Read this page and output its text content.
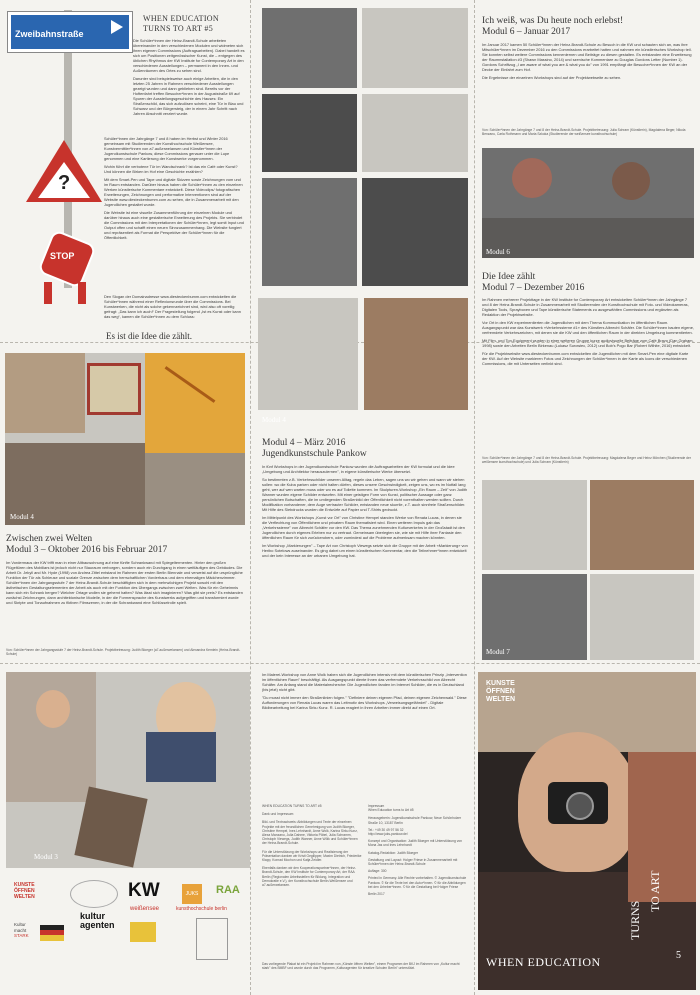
Zweibahnstraße
?
STOP
WHEN EDUCATION
TURNS TO ART #5

Die Schüler*innen der Heinz-Brandt-Schule arbeiteten übereinander in den verschiedenen Modulen und widmeten sich ihren eigenen Commissions (Auftragsarbeiten). Dabei handelt es sich um Positionen zeitgenössischer Kunst, die – entgegen des üblichen Rhythmus der KW Institute for Contemporary Art in den verschiedenen Ausstellungen – permanent in den Innen- und Außenräumen des Ortes zu sehen sind.

Darunter sind beispielsweise auch einige Arbeiten, die in den letzten 25 Jahren in Rahmen verschiedener Ausstellungen gezeigt wurden und dann geblieben sind. Bereits vor der Hoftenfahrt treffen Besucher*innen in der Auguststraße 69 auf Spuren der Ausstellungsgeschichte des Hauses: Ein Straßenschild, das sich aufzulösen scheint, eine Tür in Blau und Schwarz und der Bürgersteig, der in einem Jahr Schritt nach Jahren Abschnitt verziert wurde.

Schüler*innen der Jahrgänge 7 und 8 haben im Herbst und Winter 2016 gemeinsam mit Studierenden der Kunsthochschule Weißensee, Kunstvermittler*innen von a7.außerwelansen und Künstler*innen der Jugendkunstschule Pankow, diese Commissions genauer unter die Lupe genommen und eine Kartierung der Kunstwerke vorgenommen.

Wohin führt die verbotene Tür im Wandschrank? Ist das ein Café oder Kunst? Und können die Birken im Hof eine Geschichte erzählen?

Mit dem Smart-Pen und Tape und digitale Skizzen sowie Zeichnungen vom und im Raum entstanden. Darüber hinaus haben die Schüler*innen zu den einzelnen Werken künstlerische Kommentare entwickelt. Diese Videoclips/ fotografischen Erweiterungen, Zeichnungen und performative Interventionen sind auf der Website www.diesteckenbumm.com zu sehen, die in Zusammenarbeit mit den Jugendlichen gestaltet wurde.

Die Website ist eine visuelle Zusammenführung der einzelnen Module und darüber hinaus auch eine gestalterische Erweiterung des Projekts. Sie verbindet die Commissions mit den Interpretationen der Schüler*innen, legt somit Input und Output offen und schafft einen neuen Sinnzusammenhang. Die Website fungiert und repräsentiert als Format die Perspektive der Schüler*innen für die Öffentlichkeit.

Den Slogan der Domainadresse www.diesteckenbumm.com entwickelten die Schüler*innen während einer Reflexionsrunde über die Commissions. Bei Kunstwerken, die nicht als solche gekennzeichnet sind, wird also oft voreilig gefragt: „Das kann ich auch!“ Der Fragestellung folgend „Ist es Kunst oder kann das weg“, kamen die Schüler*innen zu dem Schluss:

Es ist die Idee die zählt.
Modul 4
Zwischen zwei Welten
Modul 3 – Oktober 2016 bis Februar 2017

Im Vordermaus der KW trifft man in einer Altbauwohnung auf eine fünfte Schrankwand mit Spiegeltermenten. Hinter den großen Flügeltüren des Mobiliars ist jedoch nicht nur Stauraum verborgen, sondern auch ein Durchgang in einen weitläufigen des Gebäudes. Die Arbeit Dr. Jekyll and Mr. Hyde (1998) von Andrea Zittel entstand im Rahmen der ersten Berlin Biennale und verweist auf die ursprüngliche Funktion der Tür als Schleuse und soziale Grenze zwischen dem herrschaftlichen Vorderhaus und dem ehemaligen Mädchenzimmer. Schüler*innen der Jahrgangsstufe 7 der Heinz-Brandt-Schule beschäftigten sich in dem mehrwöchigen Projekt sowohl mit den ästhetischen Gestaltungselementen der Arbeit als auch mit der Funktion des Übergangs zwischen zwei Welten. Was für ein Geheimnis kann sich ein Schrank bergen? Welcher Ortage wollen sie gehemt hatten? Was lässt sich imaginieren? Was gibt sie preis? Es entstanden zunächst Zeichnungen, dann architektonische Modelle, in der die Formensprache des Kunstwerks aufgegriffen und transformiert wurde und Skripte und Tonaufnahmen zu fiktiven Filmszenen, in der die Schrankwand eine Schlüsselrolle spielt.

Von: Schüler*innen der Jahrgangsstufe 7 der Heinz-Brandt-Schule. Projektbetreuung: Judith Bloeger (a7.außerwelansen) und Alexandra Kemlein (Heinz-Brandt-Schule)
Modul 3
KUNSTE
ÖFFNEN
WELTEN	KW	JUKS	RAA
Kultur
macht
STARK
kultur
agenten
weißensee	kunsthochschule berlin
Modul 4
Modul 4 – März 2016
Jugendkunstschule Pankow

In fünf Workshops in der Jugendkunstschule Pankow wurden die Auftragsarbeiten der KW formulat und die Idee „Umgebung und Architektur herauszulernen", in eigene künstlerische Werke übersetzt.

So bestimmten z.B. Verkehrsschilder unseren Alltag, regeln das Leben, sagen uns wo wir gehen und wann wir stehen sollen: wo die Kuba parken oder nicht halten dürfen, dieses unsere Geschwindigkeit, zeigen uns, wo es im Notfall lang geht, wer auf wen warten muss oder wo es auf Toilette kommen. Im Skulpturen-Workshop „Ein Raum – Zeit" von Judith Wanner wurden eigene Schilder entworfen. Mit einer geistigen Form von Kunst, politischer Aussage oder ganz persönlichen Botschaften, die im umliegenden Straßenbild der Öffentlichkeit nicht vorenthalten werden sollten. Durch Modifikation vorhandener, dem Auge vertrauter Schilder, entstanden neue skurrile, z.T. auch sinnfreie Straßenschilder. Mit Hilfe des Siebdrucks wurden die Entwürfe auf Papier und T-Shirts gedruckt.

Im Mittelpunkt des Workshops „Kunst vor Ort" von Christine Hempel standen Werke von Renata Lucas, in denen sie die Verflechtung von Öffentlichem und privatem Raum thematisiert wird. Einen weiteren Impuls gab das „Verkehrssterne" von Albrecht Schäfer vor den KW. Das Thema zunehmenden Kulturverkehrs in der Großstadt ist den Jugendlichen durch eigenes Erleben nur zu vertraut. Gemeinsam überlegten sie, wie sie mit Hilfe ihrer Fantasie den öffentlichen Raum für sich zurückerobern, oder zumindest auf die Probleme aufmerksam machen könnten.

Im Workshop „Markierungen" – Tape Art von Christoph Viewegs setzte sich die Gruppe mit der Arbeit «Markierung» von Heribo Sotelows auseinander. Es ging dabei um einen künstlerischen Kommentar, den die Teilnehmer*innen entwickelt und der kein Interesse an der urbanen Umgebung hat.

Im Malerei-Workshop von Anne Wolk haben sich die Jugendlichen intensiv mit dem künstlerischen Prinzip „Intervention im öffentlichen Raum" beschäftigt. Als Ausgangspunkt diente ihnen das verfremdete Verkehrsschild von Albrecht Schäfer. Am Anfang stand die Materialrecherche: Die Jugendlichen fanden im Internet Schilder, die es in Deutschland (bis jetzt) nicht gibt.

"Du musst nicht immer den Straßenlinien folgen." "Definiere deinen eigenen Pfad, deinen eigenen Zeichenwald." Diese Aufforderungen von Renata Lucas waren das Leitmotiv des Workshops „Verweisungsgefährdet" - Digitale Bildbearbeitung bei Karina Sirku Kunz. R. Lucas reagiert in ihren Arbeiten immer direkt auf einen Ort.

WHEN EDUCATION TURNS TO ART #5
Dank und Impressum
Bild- und Textnachweis: Abbildungen und Texte der einzelnen Projekte mit der freundlichen Genehmigung von Judith Bloeger, Christine Hempel, Ines Lehnhardt, Anne Wolk, Karina Sirku Kunz, Alexa Manzanu, Julia Dahme, Viktoria Pöbel, Julia Schramm, Christoph Viewegs, Judith Wanner, Anne Wölk und Schüler*innen der Heinz-Brandt-Schule.
Für die Unterstützung der Workshops und Realisierung der Präsentation danken wir Kristi Gegillpper, Maxim Dietrich, Friederike Klapp, Konrad Mochon und Katja Zeidler.
Ebenfalls danken wir den Kooperationspartner*innen, der Heinz-Brandt-Schule, den KW Institute for Contemporary Art, der RAA Berlin (Regionalen Arbeitsstellen für Bildung, Integration und Demokratie e.V.), der Kunsthochschule Berlin-Weißensee und a7.außerwelansen.
Impressum
When Education turns to Art #5
Herausgeberin: Jugendkunstschule Pankow, Neue Schönholzer Straße 10, 13187 Berlin
Tel.: +49 30 49 97 56 32
http://www.juks-pankow.de/
Konzept und Organisation: Judith Bloeger mit Unterstützung von Mona Jas und Ines Lehnhardt
Katalog-Redaktion: Judith Bloeger
Gestaltung und Layout: Holger Friese in Zusammenarbeit mit Schüler*innen der Heinz-Brandt-Schule
Auflage: 300
Printed in Germany. Alle Rechte vorbehalten. © Jugendkunstschule Pankow. © für die Texte bei den Autor*innen. © für die Abbildungen bei den Urheber*innen. © für die Gestaltung bei Holger Friese
Berlin 2017
Das vorliegende Plakat ist ein Projekt im Rahmen von „Künste öffnen Welten", einem Programm der BKJ im Rahmen von „Kultur macht stark" des BMBF und wurde durch das Programm „Kulturagenten für kreative Schulen Berlin" unterstützt.
Ich weiß, was Du heute noch erlebst!
Modul 6 – Januar 2017

Im Januar 2017 kamen 50 Schüler*innen der Heinz-Brandt-Schule zu Besuch in die KW und schauten sich an, was ihre Mitschüler*innen im Dezember 2016 zu den Commissions erarbeitet hatten und nahmen ein künstlerisches Workshop teil. Sie konnten selbst weitere Commissions kennenlernen und Beiträge zu diesen gestalten. Es entstanden eine Erweiterung der Raumnstallation #3 (Shawn Massino, 2014) und szenische Kommentare zu Douglas Gordons Letter (Number 1). Gordons Schriftzug „I am aware of what you are & what you do" von 1991 empfängt die Besucher*innen der KW an der Decke der Einfahrt zum Hof.

Die Ergebnisse der einzelnen Workshops sind auf der Projektwebseite zu sehen.

Von: Schüler*innen der Jahrgänge 7 und 8 der Heinz-Brandt-Schule. Projektbetreuung: Julia Schram (Künstlerin), Magdalena Beger, Nikola Benzanu, Carla Rothmann und Maria Szkoka (Studierende der weißensee kunsthochschule)
Modul 6
Die Idee zählt
Modul 7 – Dezember 2016

Im Rahmen mehrerer Projekttage in der KW Institute for Contemporary Art entwickelten Schüler*innen der Jahrgänge 7 und 8 der Heinz-Brandt-Schule in Zusammenarbeit mit Studierenden der Kunsthochschule mit Foto- und Videokameras, Digitalen Tools, Sprayboxen und Tape künstlerische Statements zu ausgewählten Commissions und ergänzten als Redaktion der Projektwebsite.

Vor Ort in den KW experimentierten die Jugendlichen mit dem Thema Kommunikation im öffentlichen Raum. Ausgangspunkt war das Kunstwerk «Verkehrssterne #1» des Künstlers Albrecht Schäfer. Die Schüler*innen bauten eigene, verfremdete Verkehrszeichen, mit denen sie die KW und den öffentlichen Raum in der direkten Umgebung kommentierten.

Mit Film- und Ton-Equipment wurden in einer weiteren Gruppe kurze audiovisuelle Beiträge zum Café Bravo (Dan Graham, 1998) sowie den Arbeiten Berlin Birkenau (Lukasz Surowiec, 2012) und Bob's Pogo Bar (Robert Wilhite, 2016) entwickelt.

Für die Projektwebsite www.diesteckenbumm.com entwickelten die Jugendlichen mit dem Smart-Pen eine digitale Karte der KW. Auf der Website markieren Fotos und Zeichnungen der Schüler*innen in der Karte als Icons die verschiedenen Commissions, die mit Unterseiten verlinkt sind.

Von: Schüler*innen der Jahrgänge 7 und 8 der Heinz-Brandt-Schule. Projektbetreuung: Magdalena Beger und Heinz Mörchen (Studierende der weißensee kunsthochschule) und Julia Schram (Künstlerin)
Modul 7
KUNSTE
ÖFFNEN
WELTEN
WHEN EDUCATION
TURNS
TO ART
5
